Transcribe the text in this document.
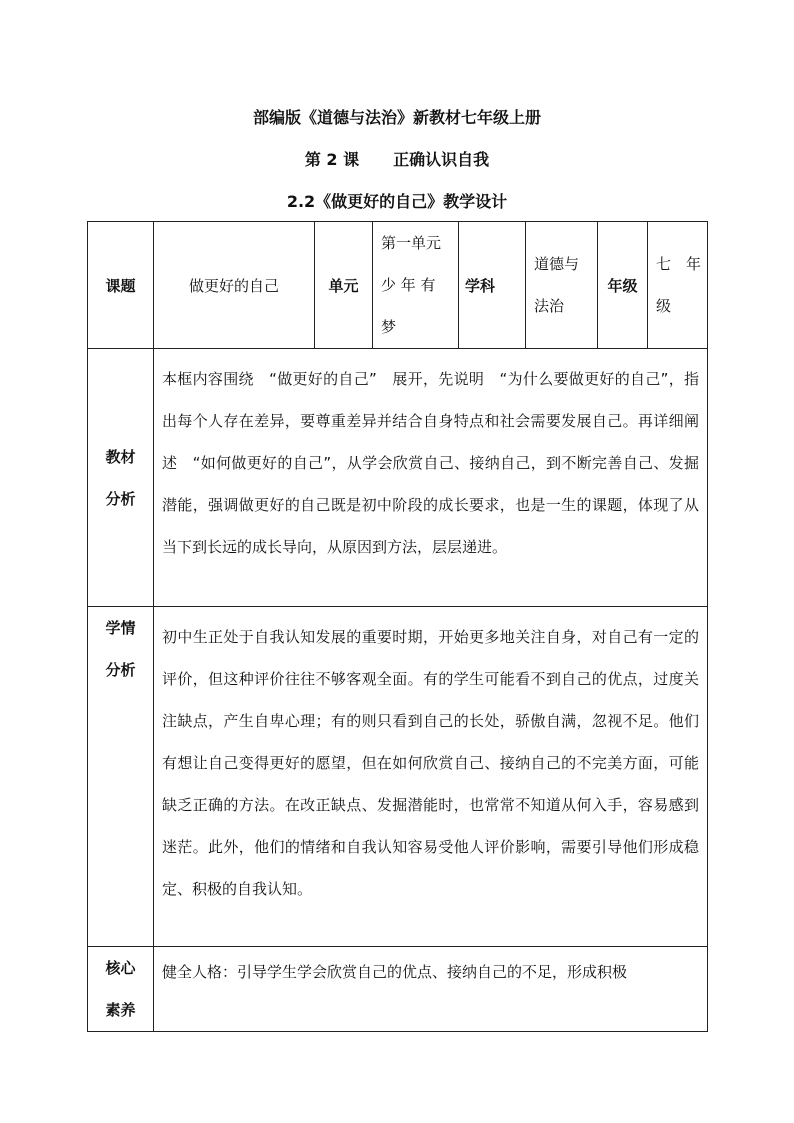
部编版《道德与法治》新教材七年级上册
第 2 课 正确认识自我
2.2《做更好的自己》教学设计
课题	做更好的自己	单元	第一单元
少 年 有
梦	学科	道德与
法治	年级	七　年
级

教材
分析	本框内容围绕　“做更好的自己”　展开，先说明　“为什么要做更好的自己”，指出每个人存在差异，要尊重差异并结合自身特点和社会需要发展自己。再详细阐述　“如何做更好的自己”，从学会欣赏自己、接纳自己，到不断完善自己、发掘潜能，强调做更好的自己既是初中阶段的成长要求，也是一生的课题，体现了从当下到长远的成长导向，从原因到方法，层层递进。						

学情
分析	初中生正处于自我认知发展的重要时期，开始更多地关注自身，对自己有一定的评价，但这种评价往往不够客观全面。有的学生可能看不到自己的优点，过度关注缺点，产生自卑心理；有的则只看到自己的长处，骄傲自满，忽视不足。他们有想让自己变得更好的愿望，但在如何欣赏自己、接纳自己的不完美方面，可能缺乏正确的方法。在改正缺点、发掘潜能时，也常常不知道从何入手，容易感到迷茫。此外，他们的情绪和自我认知容易受他人评价影响，需要引导他们形成稳定、积极的自我认知。						

核心
素养	健全人格：引导学生学会欣赏自己的优点、接纳自己的不足，形成积极						
